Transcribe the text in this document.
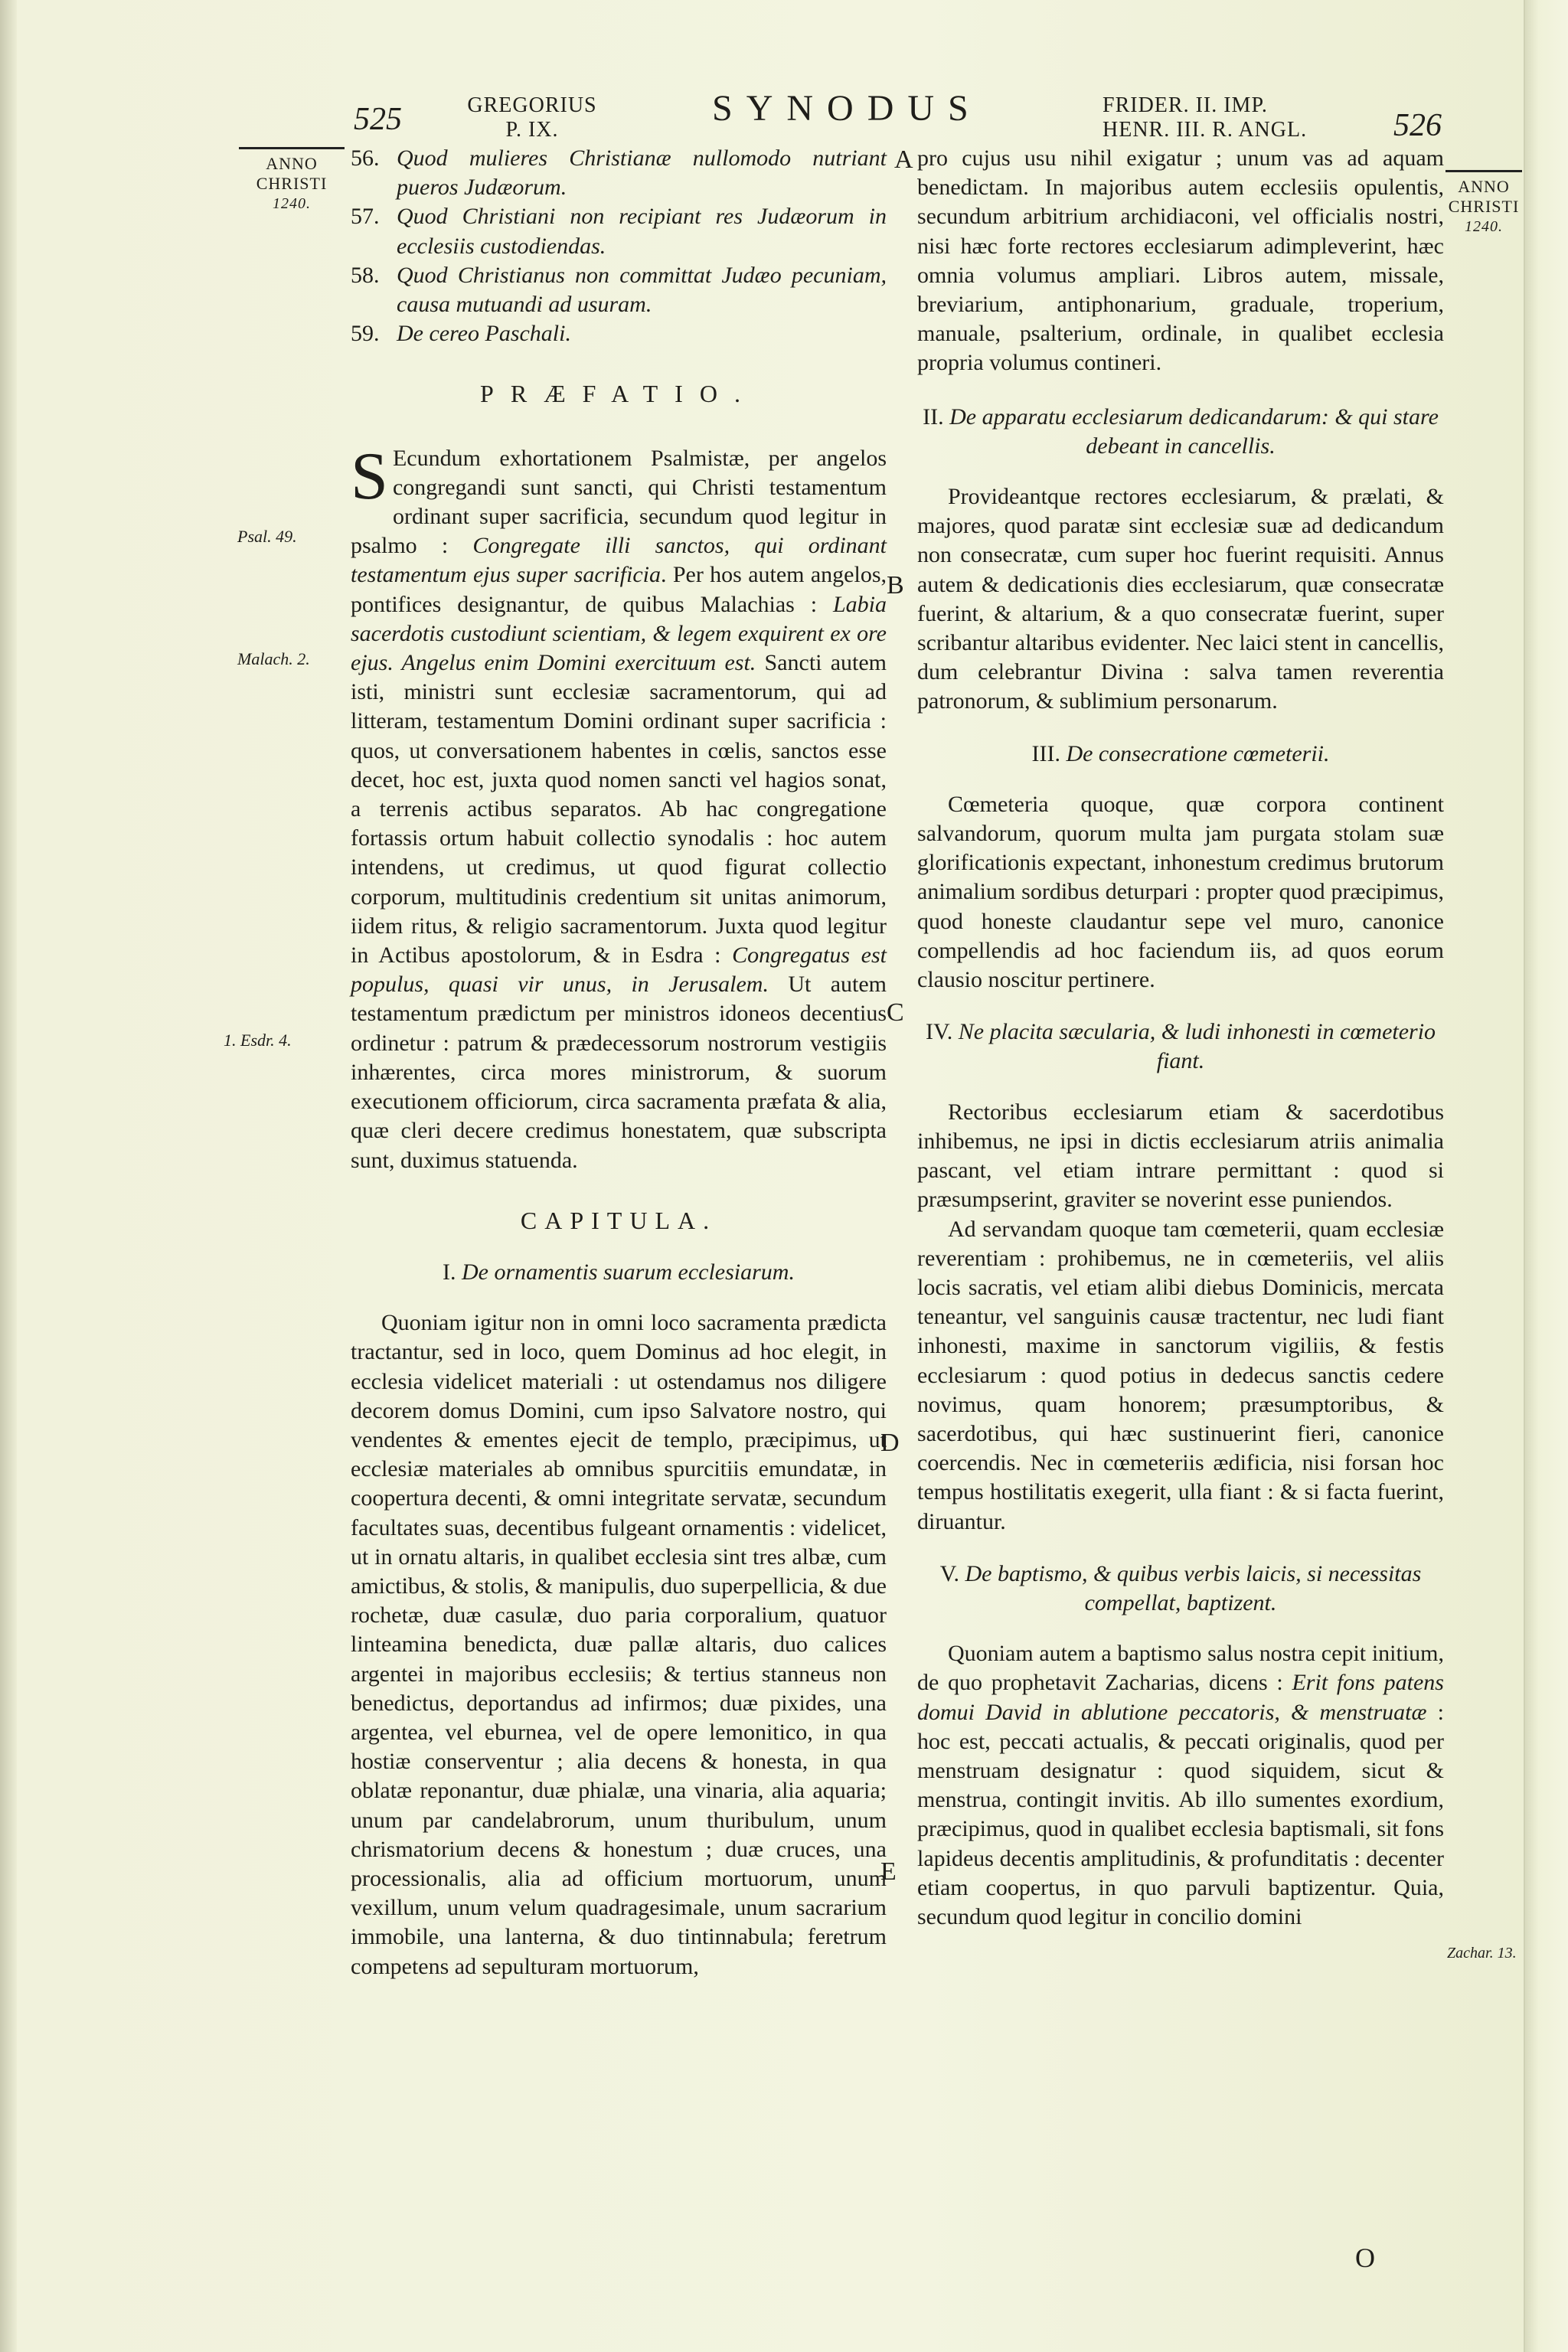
525	GREGORIUS
P. IX.
SYNODUS	FRIDER. II. IMP.
HENR. III. R. ANGL.	526
ANNO
CHRISTI
1240.
ANNO
CHRISTI
1240.
Psal. 49.
Malach. 2.
1. Esdr. 4.
Zachar. 13.
A
B
C
D
E
56. Quod mulieres Christianæ nullomodo nutriant pueros Judæorum.
57. Quod Christiani non recipiant res Judæorum in ecclesiis custodiendas.
58. Quod Christianus non committat Judæo pecuniam, causa mutuandi ad usuram.
59. De cereo Paschali.
PRÆFATIO.

S Ecundum exhortationem Psalmistæ, per angelos congregandi sunt sancti, qui Christi testamentum ordinant super sacrificia, secundum quod legitur in psalmo : Congregate illi sanctos, qui ordinant testamentum ejus super sacrificia. Per hos autem angelos, pontifices designantur, de quibus Malachias : Labia sacerdotis custodiunt scientiam, & legem exquirent ex ore ejus. Angelus enim Domini exercituum est. Sancti autem isti, ministri sunt ecclesiæ sacramentorum, qui ad litteram, testamentum Domini ordinant super sacrificia : quos, ut conversationem habentes in cœlis, sanctos esse decet, hoc est, juxta quod nomen sancti vel hagios sonat, a terrenis actibus separatos. Ab hac congregatione fortassis ortum habuit collectio synodalis : hoc autem intendens, ut credimus, ut quod figurat collectio corporum, multitudinis credentium sit unitas animorum, iidem ritus, & religio sacramentorum. Juxta quod legitur in Actibus apostolorum, & in Esdra : Congregatus est populus, quasi vir unus, in Jerusalem. Ut autem testamentum prædictum per ministros idoneos decentius ordinetur : patrum & prædecessorum nostrorum vestigiis inhærentes, circa mores ministrorum, & suorum executionem officiorum, circa sacramenta præfata & alia, quæ cleri decere credimus honestatem, quæ subscripta sunt, duximus statuenda.

CAPITULA.
I. De ornamentis suarum ecclesiarum.

Quoniam igitur non in omni loco sacramenta prædicta tractantur, sed in loco, quem Dominus ad hoc elegit, in ecclesia videlicet materiali : ut ostendamus nos diligere decorem domus Domini, cum ipso Salvatore nostro, qui vendentes & ementes ejecit de templo, præcipimus, ut ecclesiæ materiales ab omnibus spurcitiis emundatæ, in coopertura decenti, & omni integritate servatæ, secundum facultates suas, decentibus fulgeant ornamentis : videlicet, ut in ornatu altaris, in qualibet ecclesia sint tres albæ, cum amictibus, & stolis, & manipulis, duo superpellicia, & due rochetæ, duæ casulæ, duo paria corporalium, quatuor linteamina benedicta, duæ pallæ altaris, duo calices argentei in majoribus ecclesiis; & tertius stanneus non benedictus, deportandus ad infirmos; duæ pixides, una argentea, vel eburnea, vel de opere lemonitico, in qua hostiæ conserventur ; alia decens & honesta, in qua oblatæ reponantur, duæ phialæ, una vinaria, alia aquaria; unum par candelabrorum, unum thuribulum, unum chrismatorium decens & honestum ; duæ cruces, una processionalis, alia ad officium mortuorum, unum vexillum, unum velum quadragesimale, unum sacrarium immobile, una lanterna, & duo tintinnabula; feretrum competens ad sepulturam mortuorum,

pro cujus usu nihil exigatur ; unum vas ad aquam benedictam. In majoribus autem ecclesiis opulentis, secundum arbitrium archidiaconi, vel officialis nostri, nisi hæc forte rectores ecclesiarum adimpleverint, hæc omnia volumus ampliari. Libros autem, missale, breviarium, antiphonarium, graduale, troperium, manuale, psalterium, ordinale, in qualibet ecclesia propria volumus contineri.

II. De apparatu ecclesiarum dedicandarum: & qui stare debeant in cancellis.

Provideantque rectores ecclesiarum, & prælati, & majores, quod paratæ sint ecclesiæ suæ ad dedicandum non consecratæ, cum super hoc fuerint requisiti. Annus autem & dedicationis dies ecclesiarum, quæ consecratæ fuerint, & altarium, & a quo consecratæ fuerint, super scribantur altaribus evidenter. Nec laici stent in cancellis, dum celebrantur Divina : salva tamen reverentia patronorum, & sublimium personarum.

III. De consecratione cœmeterii.

Cœmeteria quoque, quæ corpora continent salvandorum, quorum multa jam purgata stolam suæ glorificationis expectant, inhonestum credimus brutorum animalium sordibus deturpari : propter quod præcipimus, quod honeste claudantur sepe vel muro, canonice compellendis ad hoc faciendum iis, ad quos eorum clausio noscitur pertinere.

IV. Ne placita sæcularia, & ludi inhonesti in cœmeterio fiant.

Rectoribus ecclesiarum etiam & sacerdotibus inhibemus, ne ipsi in dictis ecclesiarum atriis animalia pascant, vel etiam intrare permittant : quod si præsumpserint, graviter se noverint esse puniendos.

Ad servandam quoque tam cœmeterii, quam ecclesiæ reverentiam : prohibemus, ne in cœmeteriis, vel aliis locis sacratis, vel etiam alibi diebus Dominicis, mercata teneantur, vel sanguinis causæ tractentur, nec ludi fiant inhonesti, maxime in sanctorum vigiliis, & festis ecclesiarum : quod potius in dedecus sanctis cedere novimus, quam honorem; præsumptoribus, & sacerdotibus, qui hæc sustinuerint fieri, canonice coercendis. Nec in cœmeteriis ædificia, nisi forsan hoc tempus hostilitatis exegerit, ulla fiant : & si facta fuerint, diruantur.

V. De baptismo, & quibus verbis laicis, si necessitas compellat, baptizent.

Quoniam autem a baptismo salus nostra cepit initium, de quo prophetavit Zacharias, dicens : Erit fons patens domui David in ablutione peccatoris, & menstruatæ : hoc est, peccati actualis, & peccati originalis, quod per menstruam designatur : quod siquidem, sicut & menstrua, contingit invitis. Ab illo sumentes exordium, præcipimus, quod in qualibet ecclesia baptismali, sit fons lapideus decentis amplitudinis, & profunditatis : decenter etiam coopertus, in quo parvuli baptizentur. Quia, secundum quod legitur in concilio domini

O
